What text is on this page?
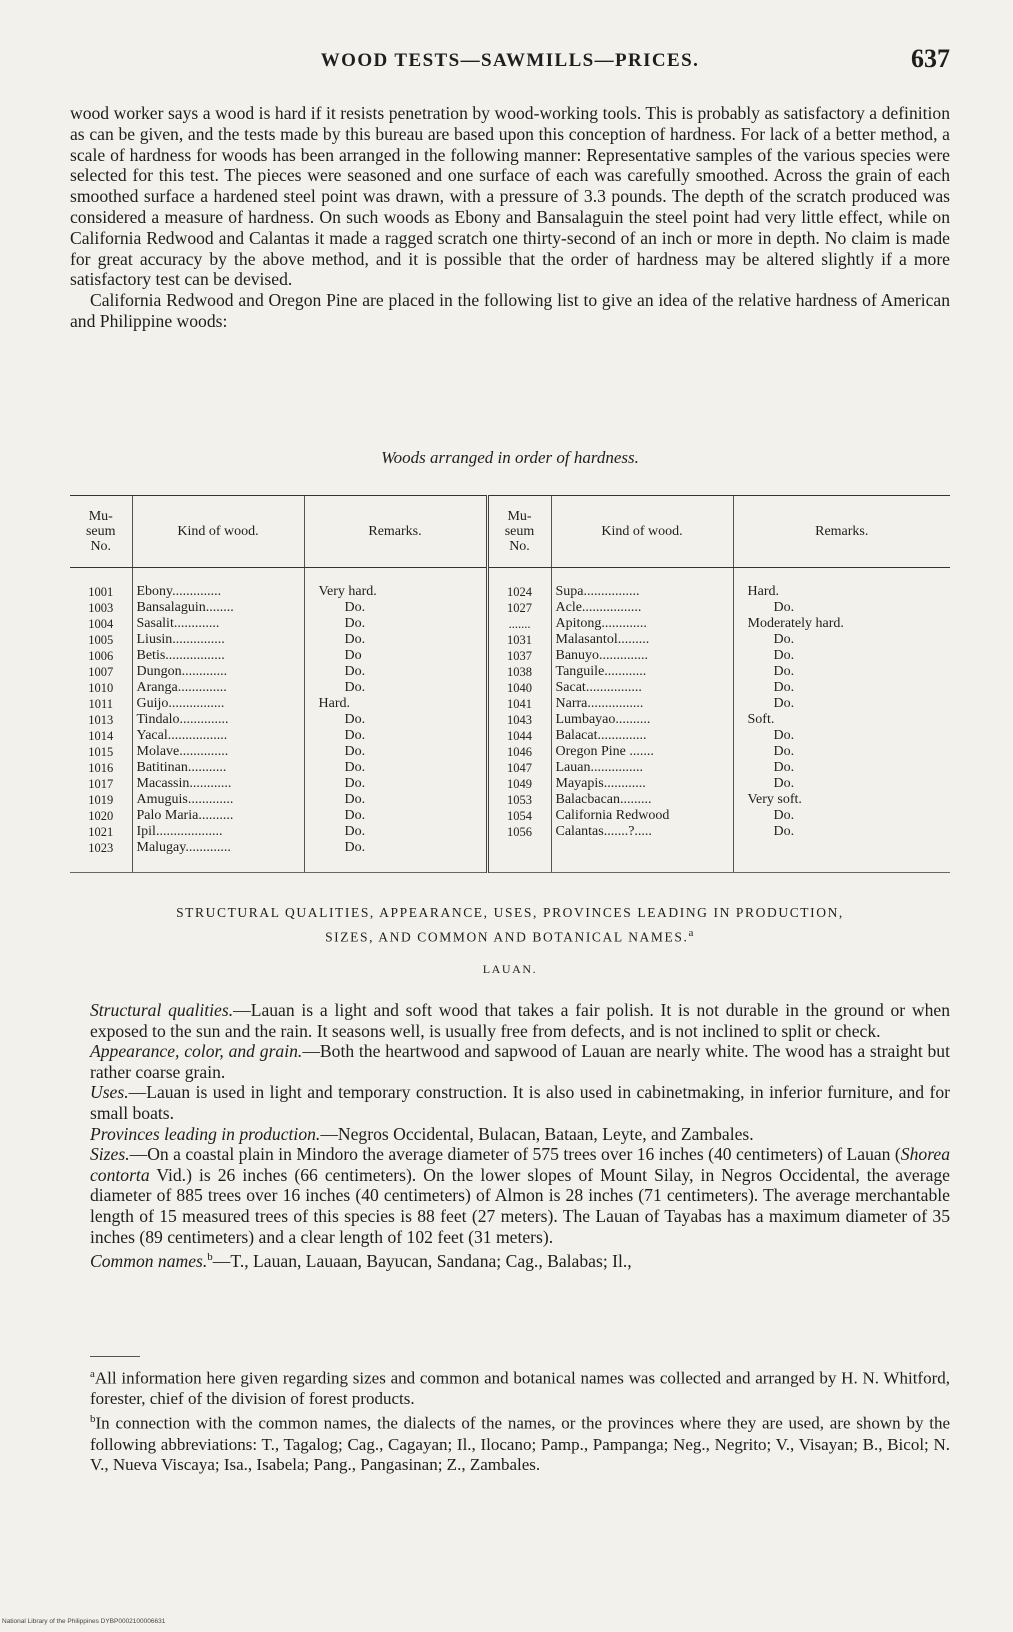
WOOD TESTS—SAWMILLS—PRICES.	637

wood worker says a wood is hard if it resists penetration by wood-working tools. This is probably as satisfactory a definition as can be given, and the tests made by this bureau are based upon this conception of hardness. For lack of a better method, a scale of hardness for woods has been arranged in the following manner: Representative samples of the various species were selected for this test. The pieces were seasoned and one surface of each was carefully smoothed. Across the grain of each smoothed surface a hardened steel point was drawn, with a pressure of 3.3 pounds. The depth of the scratch produced was considered a measure of hardness. On such woods as Ebony and Bansalaguin the steel point had very little effect, while on California Redwood and Calantas it made a ragged scratch one thirty-second of an inch or more in depth. No claim is made for great accuracy by the above method, and it is possible that the order of hardness may be altered slightly if a more satisfactory test can be devised.

California Redwood and Oregon Pine are placed in the following list to give an idea of the relative hardness of American and Philippine woods:

Woods arranged in order of hardness.
Mu-
seum
No.	Kind of wood.	Remarks.	Mu-
seum
No.	Kind of wood.	Remarks.
1001	Ebony..............	Very hard.	1024	Supa................	Hard.
1003	Bansalaguin........	Do.	1027	Acle.................	Do.
1004	Sasalit.............	Do.	.......	Apitong.............	Moderately hard.
1005	Liusin...............	Do.	1031	Malasantol.........	Do.
1006	Betis.................	Do	1037	Banuyo..............	Do.
1007	Dungon.............	Do.	1038	Tanguile............	Do.
1010	Aranga..............	Do.	1040	Sacat................	Do.
1011	Guijo................	Hard.	1041	Narra................	Do.
1013	Tindalo..............	Do.	1043	Lumbayao..........	Soft.
1014	Yacal.................	Do.	1044	Balacat..............	Do.
1015	Molave..............	Do.	1046	Oregon Pine .......	Do.
1016	Batitinan...........	Do.	1047	Lauan...............	Do.
1017	Macassin............	Do.	1049	Mayapis............	Do.
1019	Amuguis.............	Do.	1053	Balacbacan.........	Very soft.
1020	Palo Maria..........	Do.	1054	California Redwood	Do.
1021	Ipil...................	Do.	1056	Calantas.......?.....	Do.
1023	Malugay.............	Do.			
STRUCTURAL QUALITIES, APPEARANCE, USES, PROVINCES LEADING IN PRODUCTION,
SIZES, AND COMMON AND BOTANICAL NAMES.$^a$
LAUAN.

Structural qualities.—Lauan is a light and soft wood that takes a fair polish. It is not durable in the ground or when exposed to the sun and the rain. It seasons well, is usually free from defects, and is not inclined to split or check.

Appearance, color, and grain.—Both the heartwood and sapwood of Lauan are nearly white. The wood has a straight but rather coarse grain.

Uses.—Lauan is used in light and temporary construction. It is also used in cabinetmaking, in inferior furniture, and for small boats.

Provinces leading in production.—Negros Occidental, Bulacan, Bataan, Leyte, and Zambales.

Sizes.—On a coastal plain in Mindoro the average diameter of 575 trees over 16 inches (40 centimeters) of Lauan (Shorea contorta Vid.) is 26 inches (66 centimeters). On the lower slopes of Mount Silay, in Negros Occidental, the average diameter of 885 trees over 16 inches (40 centimeters) of Almon is 28 inches (71 centimeters). The average merchantable length of 15 measured trees of this species is 88 feet (27 meters). The Lauan of Tayabas has a maximum diameter of 35 inches (89 centimeters) and a clear length of 102 feet (31 meters).

Common names.$^b$—T., Lauan, Lauaan, Bayucan, Sandana; Cag., Balabas; Il.,

$^a$All information here given regarding sizes and common and botanical names was collected and arranged by H. N. Whitford, forester, chief of the division of forest products.

$^b$In connection with the common names, the dialects of the names, or the provinces where they are used, are shown by the following abbreviations: T., Tagalog; Cag., Cagayan; Il., Ilocano; Pamp., Pampanga; Neg., Negrito; V., Visayan; B., Bicol; N. V., Nueva Viscaya; Isa., Isabela; Pang., Pangasinan; Z., Zambales.

National Library of the Philippines DYBP0002100006631
